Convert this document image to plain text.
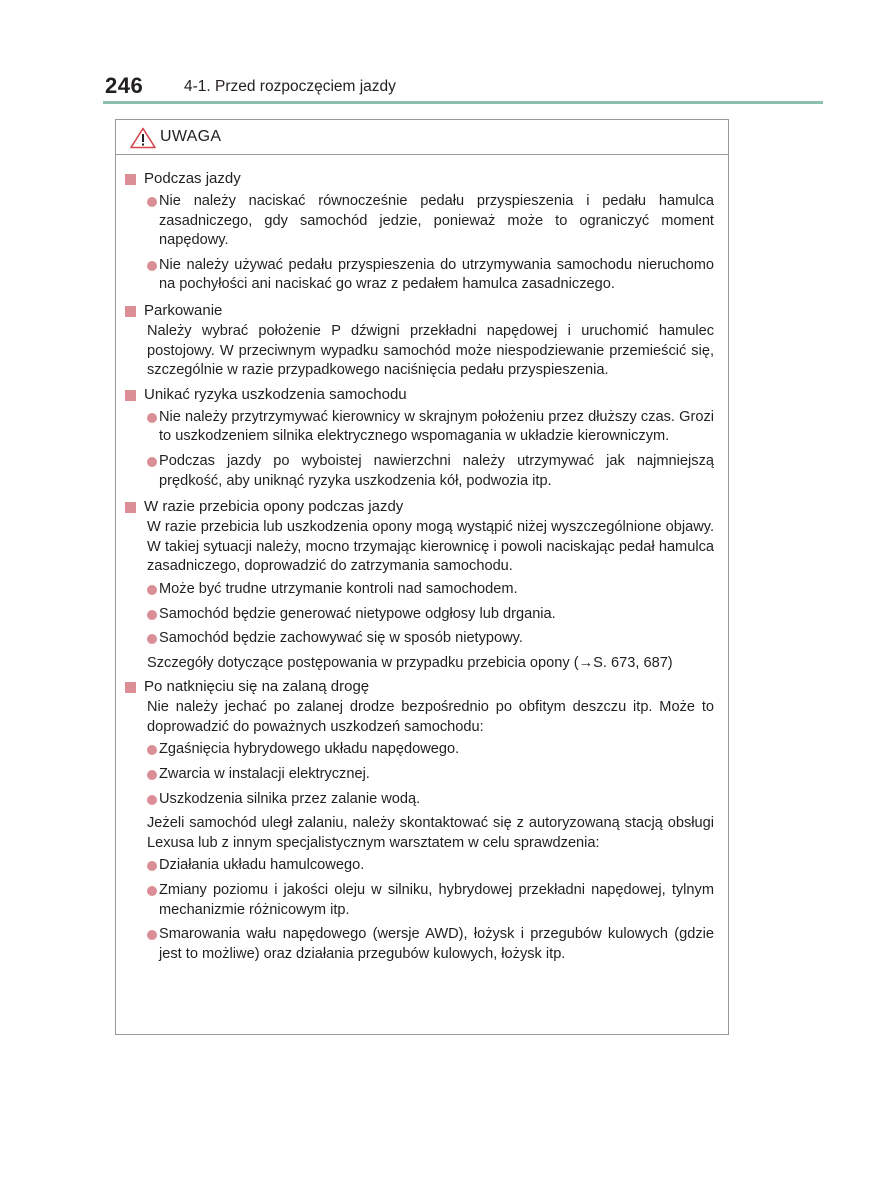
246	4-1. Przed rozpoczęciem jazdy
UWAGA
Podczas jazdy
Nie należy naciskać równocześnie pedału przyspieszenia i pedału hamulca zasadniczego, gdy samochód jedzie, ponieważ może to ograniczyć moment napędowy.
Nie należy używać pedału przyspieszenia do utrzymywania samochodu nieruchomo na pochyłości ani naciskać go wraz z pedałem hamulca zasadniczego.
Parkowanie
Należy wybrać położenie P dźwigni przekładni napędowej i uruchomić hamulec postojowy. W przeciwnym wypadku samochód może niespodziewanie przemieścić się, szczególnie w razie przypadkowego naciśnięcia pedału przyspieszenia.
Unikać ryzyka uszkodzenia samochodu
Nie należy przytrzymywać kierownicy w skrajnym położeniu przez dłuższy czas. Grozi to uszkodzeniem silnika elektrycznego wspomagania w układzie kierowniczym.
Podczas jazdy po wyboistej nawierzchni należy utrzymywać jak najmniejszą prędkość, aby uniknąć ryzyka uszkodzenia kół, podwozia itp.
W razie przebicia opony podczas jazdy
W razie przebicia lub uszkodzenia opony mogą wystąpić niżej wyszczególnione objawy. W takiej sytuacji należy, mocno trzymając kierownicę i powoli naciskając pedał hamulca zasadniczego, doprowadzić do zatrzymania samochodu.
Może być trudne utrzymanie kontroli nad samochodem.
Samochód będzie generować nietypowe odgłosy lub drgania.
Samochód będzie zachowywać się w sposób nietypowy.
Szczegóły dotyczące postępowania w przypadku przebicia opony (→S. 673, 687)
Po natknięciu się na zalaną drogę
Nie należy jechać po zalanej drodze bezpośrednio po obfitym deszczu itp. Może to doprowadzić do poważnych uszkodzeń samochodu:
Zgaśnięcia hybrydowego układu napędowego.
Zwarcia w instalacji elektrycznej.
Uszkodzenia silnika przez zalanie wodą.
Jeżeli samochód uległ zalaniu, należy skontaktować się z autoryzowaną stacją obsługi Lexusa lub z innym specjalistycznym warsztatem w celu sprawdzenia:
Działania układu hamulcowego.
Zmiany poziomu i jakości oleju w silniku, hybrydowej przekładni napędowej, tylnym mechanizmie różnicowym itp.
Smarowania wału napędowego (wersje AWD), łożysk i przegubów kulowych (gdzie jest to możliwe) oraz działania przegubów kulowych, łożysk itp.
